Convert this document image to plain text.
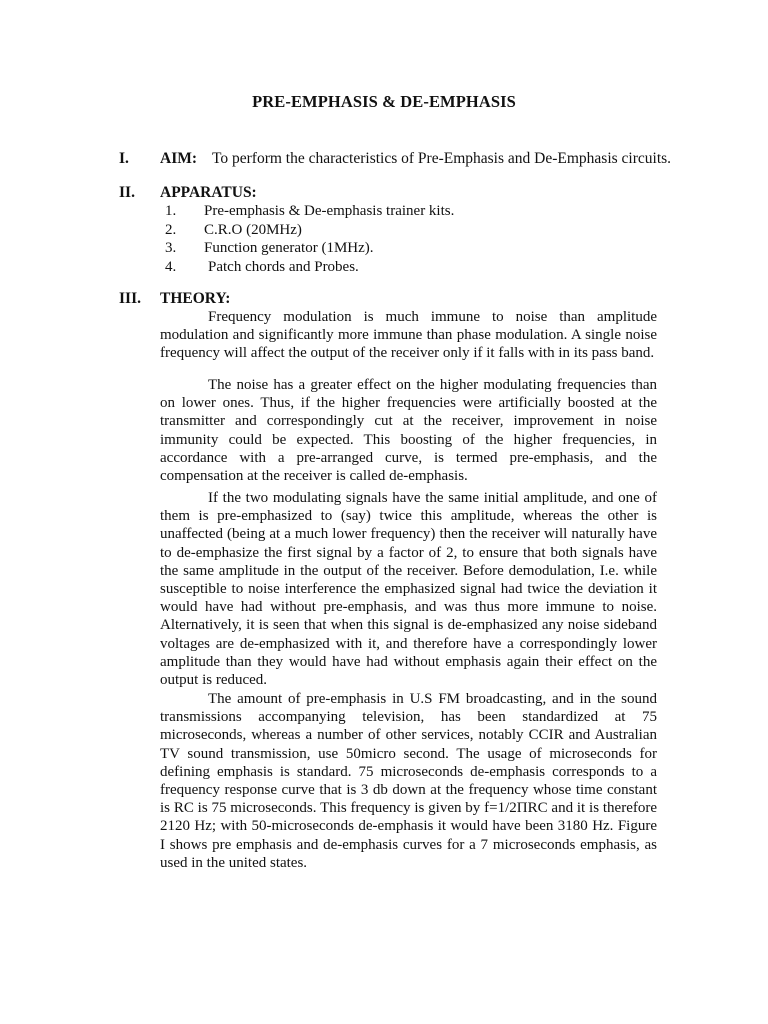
PRE-EMPHASIS & DE-EMPHASIS
I. AIM: To perform the characteristics of Pre-Emphasis and De-Emphasis circuits.
II. APPARATUS:
1. Pre-emphasis & De-emphasis trainer kits.
2. C.R.O (20MHz)
3. Function generator (1MHz).
4. Patch chords and Probes.
III. THEORY:

Frequency modulation is much immune to noise than amplitude modulation and significantly more immune than phase modulation. A single noise frequency will affect the output of the receiver only if it falls with in its pass band.

The noise has a greater effect on the higher modulating frequencies than on lower ones. Thus, if the higher frequencies were artificially boosted at the transmitter and correspondingly cut at the receiver, improvement in noise immunity could be expected. This boosting of the higher frequencies, in accordance with a pre-arranged curve, is termed pre-emphasis, and the compensation at the receiver is called de-emphasis.

If the two modulating signals have the same initial amplitude, and one of them is pre-emphasized to (say) twice this amplitude, whereas the other is unaffected (being at a much lower frequency) then the receiver will naturally have to de-emphasize the first signal by a factor of 2, to ensure that both signals have the same amplitude in the output of the receiver. Before demodulation, I.e. while susceptible to noise interference the emphasized signal had twice the deviation it would have had without pre-emphasis, and was thus more immune to noise. Alternatively, it is seen that when this signal is de-emphasized any noise sideband voltages are de-emphasized with it, and therefore have a correspondingly lower amplitude than they would have had without emphasis again their effect on the output is reduced.

The amount of pre-emphasis in U.S FM broadcasting, and in the sound transmissions accompanying television, has been standardized at 75 microseconds, whereas a number of other services, notably CCIR and Australian TV sound transmission, use 50micro second. The usage of microseconds for defining emphasis is standard. 75 microseconds de-emphasis corresponds to a frequency response curve that is 3 db down at the frequency whose time constant is RC is 75 microseconds. This frequency is given by f=1/2ΠRC and it is therefore 2120 Hz; with 50-microseconds de-emphasis it would have been 3180 Hz. Figure I shows pre emphasis and de-emphasis curves for a 7 microseconds emphasis, as used in the united states.
